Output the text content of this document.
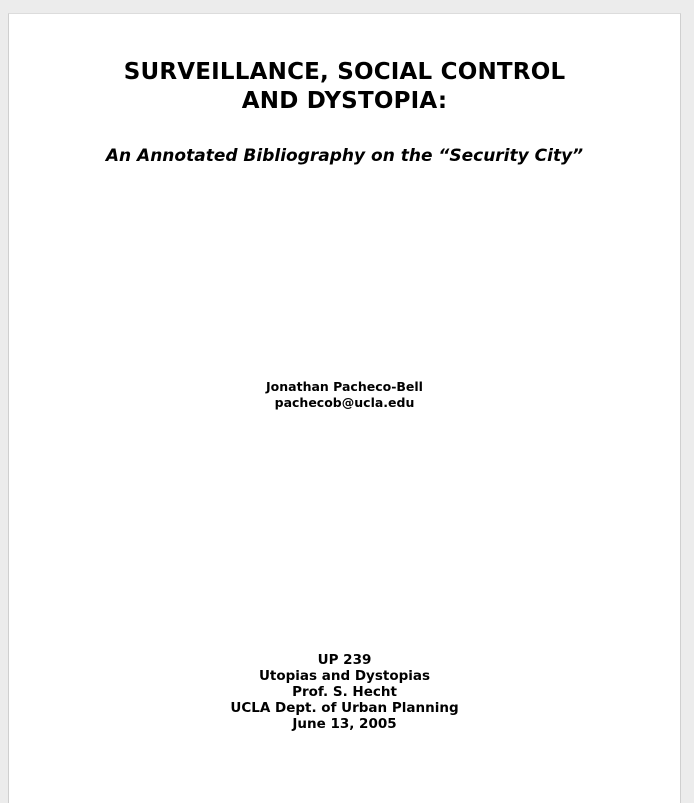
SURVEILLANCE, SOCIAL CONTROL
AND DYSTOPIA:
An Annotated Bibliography on the “Security City”
Jonathan Pacheco-Bell
pachecob@ucla.edu
UP 239
Utopias and Dystopias
Prof. S. Hecht
UCLA Dept. of Urban Planning
June 13, 2005
